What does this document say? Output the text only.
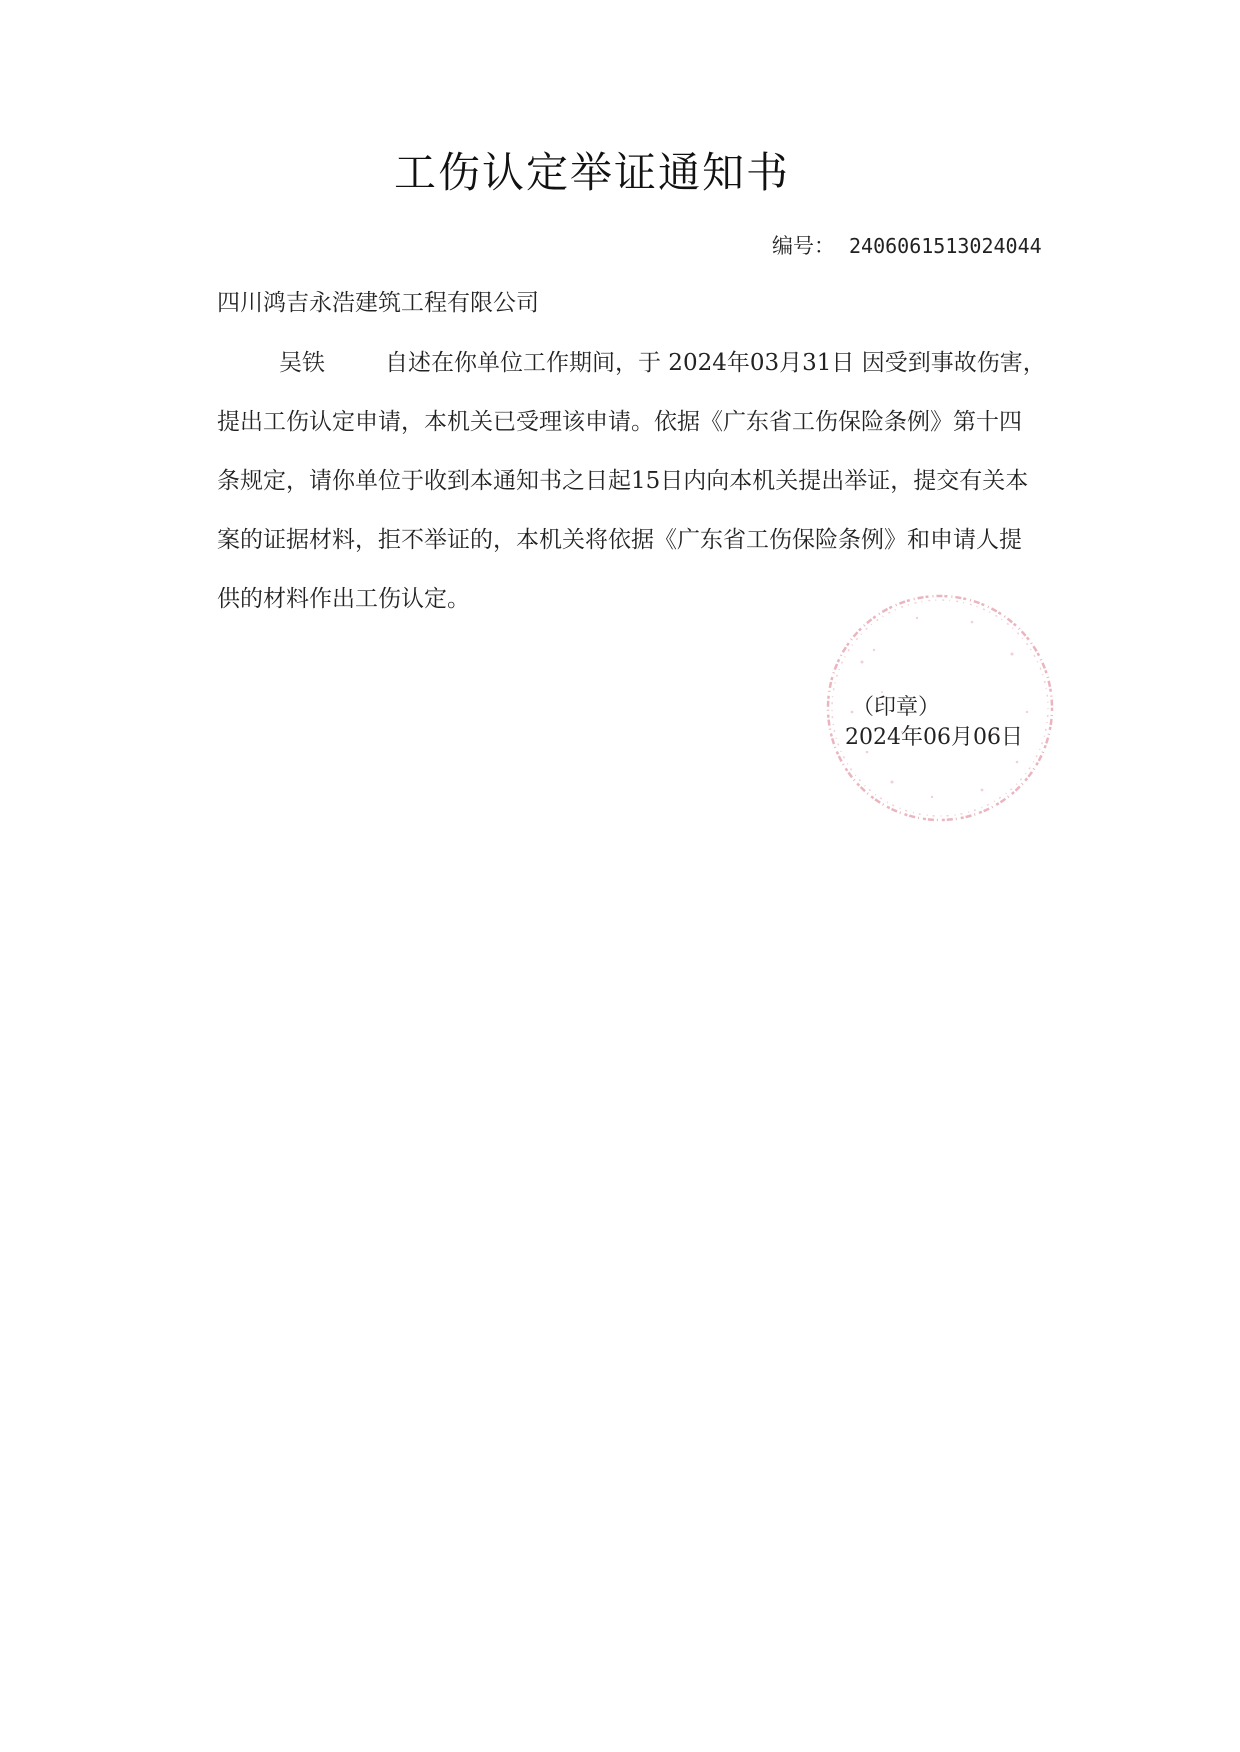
工伤认定举证通知书
编号： 2406061513024044
四川鸿吉永浩建筑工程有限公司
吴铁	自述在你单位工作期间，于 2024年03月31日 因受到事故伤害，
提出工伤认定申请，本机关已受理该申请。依据《广东省工伤保险条例》第十四
条规定，请你单位于收到本通知书之日起15日内向本机关提出举证，提交有关本
案的证据材料，拒不举证的，本机关将依据《广东省工伤保险条例》和申请人提
供的材料作出工伤认定。
（印章）
2024年06月06日
